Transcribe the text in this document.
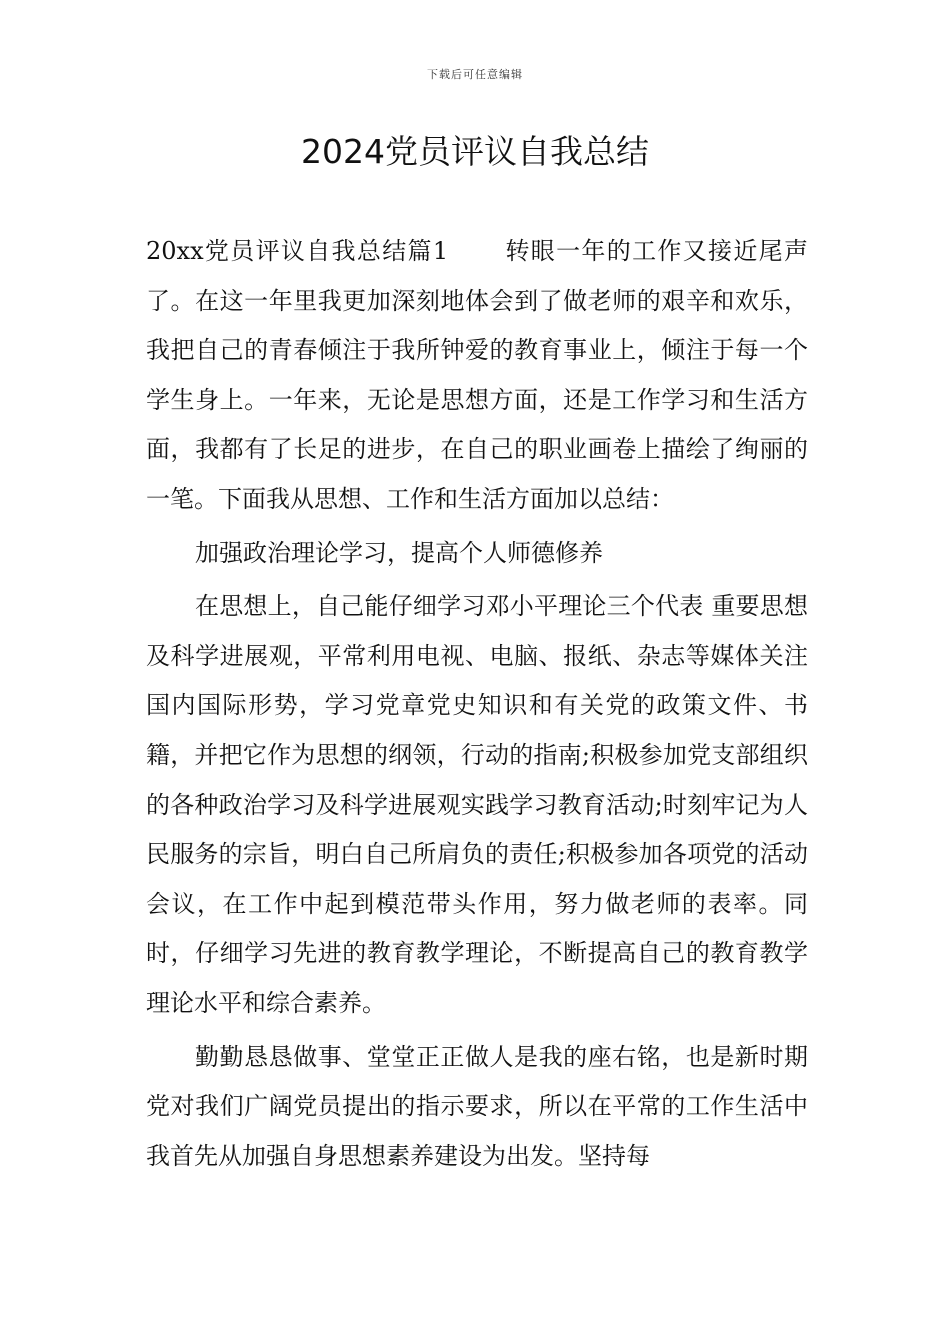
下载后可任意编辑
2024党员评议自我总结

20xx党员评议自我总结篇1 转眼一年的工作又接近尾声了。在这一年里我更加深刻地体会到了做老师的艰辛和欢乐，我把自己的青春倾注于我所钟爱的教育事业上，倾注于每一个学生身上。一年来，无论是思想方面，还是工作学习和生活方面，我都有了长足的进步，在自己的职业画卷上描绘了绚丽的一笔。下面我从思想、工作和生活方面加以总结：

加强政治理论学习，提高个人师德修养

在思想上，自己能仔细学习邓小平理论三个代表 重要思想及科学进展观，平常利用电视、电脑、报纸、杂志等媒体关注国内国际形势，学习党章党史知识和有关党的政策文件、书籍，并把它作为思想的纲领，行动的指南;积极参加党支部组织的各种政治学习及科学进展观实践学习教育活动;时刻牢记为人民服务的宗旨，明白自己所肩负的责任;积极参加各项党的活动会议，在工作中起到模范带头作用，努力做老师的表率。同时，仔细学习先进的教育教学理论，不断提高自己的教育教学理论水平和综合素养。

勤勤恳恳做事、堂堂正正做人是我的座右铭，也是新时期党对我们广阔党员提出的指示要求，所以在平常的工作生活中我首先从加强自身思想素养建设为出发。坚持每
